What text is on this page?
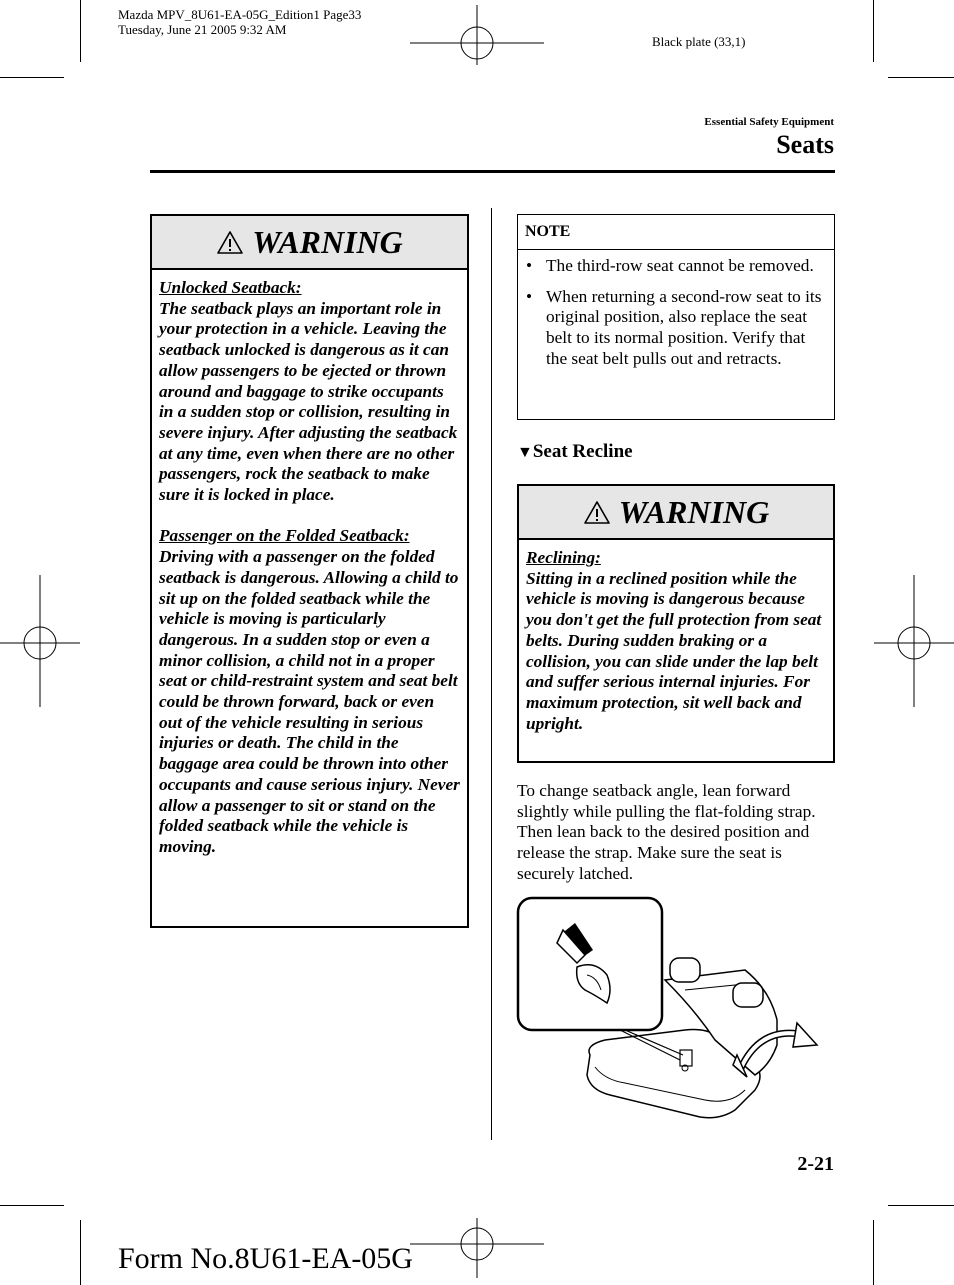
Mazda MPV_8U61-EA-05G_Edition1 Page33
Tuesday, June 21 2005 9:32 AM
Black plate (33,1)
Essential Safety Equipment
Seats
WARNING
Unlocked Seatback:

The seatback plays an important role in your protection in a vehicle. Leaving the seatback unlocked is dangerous as it can allow passengers to be ejected or thrown around and baggage to strike occupants in a sudden stop or collision, resulting in severe injury. After adjusting the seatback at any time, even when there are no other passengers, rock the seatback to make sure it is locked in place.

Passenger on the Folded Seatback:

Driving with a passenger on the folded seatback is dangerous. Allowing a child to sit up on the folded seatback while the vehicle is moving is particularly dangerous. In a sudden stop or even a minor collision, a child not in a proper seat or child-restraint system and seat belt could be thrown forward, back or even out of the vehicle resulting in serious injuries or death. The child in the baggage area could be thrown into other occupants and cause serious injury. Never allow a passenger to sit or stand on the folded seatback while the vehicle is moving.

NOTE
• The third-row seat cannot be removed.
• When returning a second-row seat to its original position, also replace the seat belt to its normal position. Verify that the seat belt pulls out and retracts.
▼Seat Recline
WARNING
Reclining:

Sitting in a reclined position while the vehicle is moving is dangerous because you don't get the full protection from seat belts. During sudden braking or a collision, you can slide under the lap belt and suffer serious internal injuries. For maximum protection, sit well back and upright.

To change seatback angle, lean forward slightly while pulling the flat-folding strap. Then lean back to the desired position and release the strap. Make sure the seat is securely latched.
2-21
Form No.8U61-EA-05G
